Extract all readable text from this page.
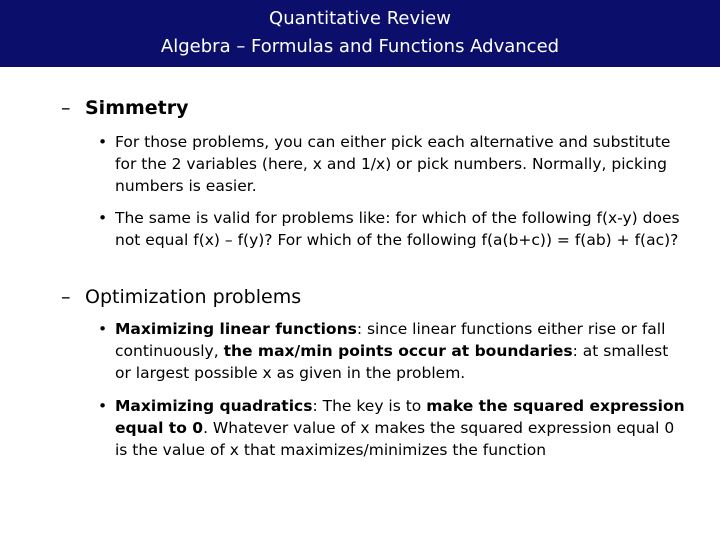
Quantitative Review
Algebra – Formulas and Functions Advanced
– Simmetry
• For those problems, you can either pick each alternative and substitute for the 2 variables (here, x and 1/x) or pick numbers. Normally, picking numbers is easier.
• The same is valid for problems like: for which of the following f(x-y) does not equal f(x) – f(y)? For which of the following f(a(b+c)) = f(ab) + f(ac)?
– Optimization problems
• Maximizing linear functions: since linear functions either rise or fall continuously, the max/min points occur at boundaries: at smallest or largest possible x as given in the problem.
• Maximizing quadratics: The key is to make the squared expression equal to 0. Whatever value of x makes the squared expression equal 0 is the value of x that maximizes/minimizes the function
